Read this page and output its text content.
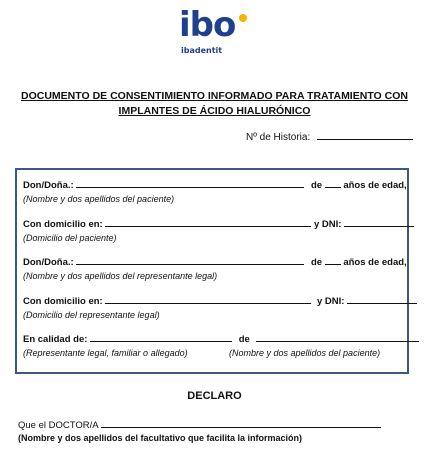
ibo
ibadentit
DOCUMENTO DE CONSENTIMIENTO INFORMADO PARA TRATAMIENTO CON
IMPLANTES DE ÁCIDO HIALURÓNICO
Nº de Historia:
Don/Doña.:	de años de edad,
(Nombre y dos apellidos del paciente)
Con domicilio en:	y DNI:
(Domicilio del paciente)
Don/Doña.:	de años de edad,
(Nombre y dos apellidos del representante legal)
Con domicilio en:	y DNI:
(Domicilio del representante legal)
En calidad de:	de
(Representante legal, familiar o allegado)	(Nombre y dos apellidos del paciente)
DECLARO
Que el DOCTOR/A
(Nombre y dos apellidos del facultativo que facilita la información)
